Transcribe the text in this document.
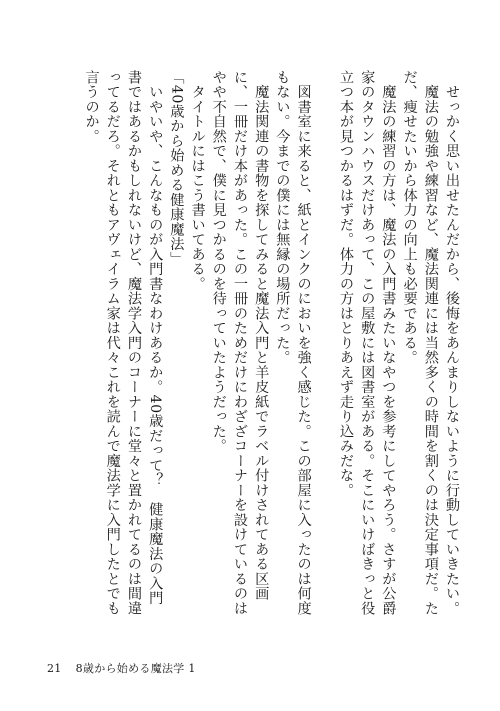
　せっかく思い出せたんだから、後悔をあんまりしないように行動していきたい。

　魔法の勉強や練習など、魔法関連には当然多くの時間を割くのは決定事項だ。ただ、痩せたいから体力の向上も必要である。

　魔法の練習の方は、魔法の入門書みたいなやつを参考にしてやろう。さすが公爵家のタウンハウスだけあって、この屋敷には図書室がある。そこにいけばきっと役立つ本が見つかるはずだ。体力の方はとりあえず走り込みだな。

　図書室に来ると、紙とインクのにおいを強く感じた。この部屋に入ったのは何度もない。今までの僕には無縁の場所だった。

　魔法関連の書物を探してみると魔法入門と羊皮紙でラベル付けされてある区画に、一冊だけ本があった。この一冊のためだけにわざざコーナーを設けているのはやや不自然で、僕に見つかるのを待っていたようだった。

　タイトルにはこう書いてある。

「40歳から始める健康魔法」

　いやいや、こんなものが入門書なわけあるか。40歳だって？　健康魔法の入門書ではあるかもしれないけど、魔法学入門のコーナーに堂々と置かれてるのは間違ってるだろ。それともアヴェイラム家は代々これを読んで魔法学に入門したとでも言うのか。

21 8歳から始める魔法学 1
